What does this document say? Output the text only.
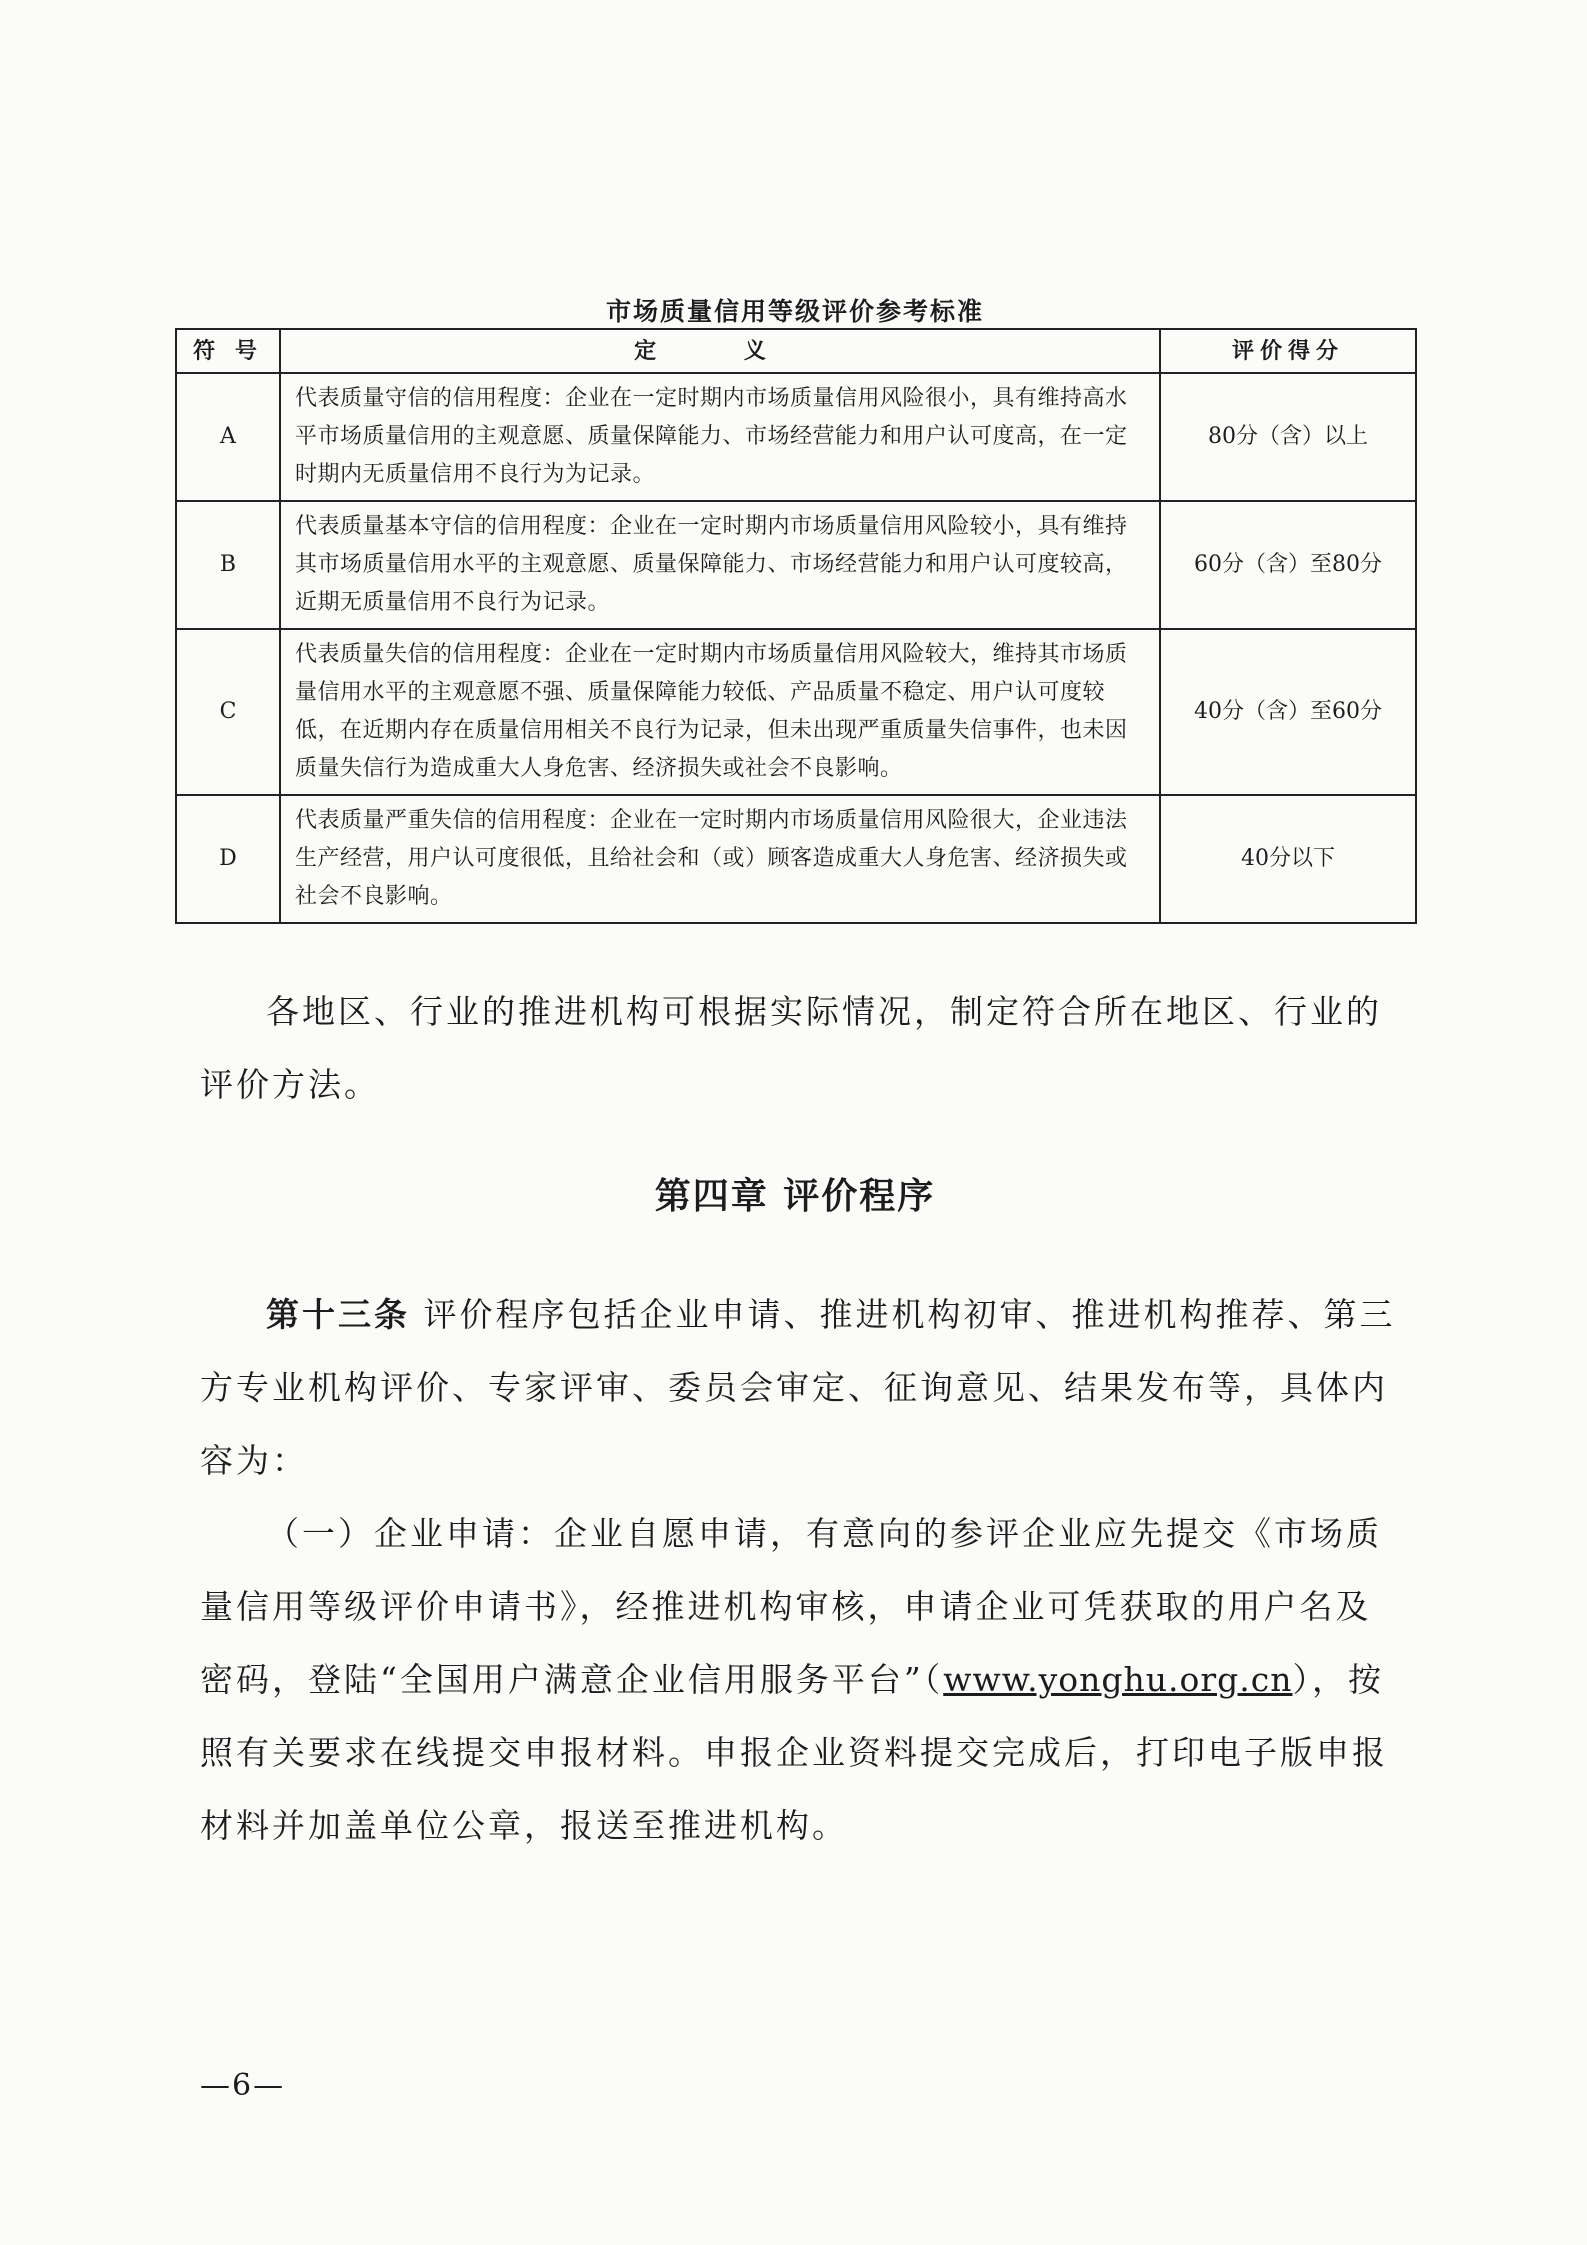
市场质量信用等级评价参考标准
符 号	定 义	评价得分
A	代表质量守信的信用程度：企业在一定时期内市场质量信用风险很小，具有维持高水平市场质量信用的主观意愿、质量保障能力、市场经营能力和用户认可度高，在一定时期内无质量信用不良行为为记录。	80分（含）以上
B	代表质量基本守信的信用程度：企业在一定时期内市场质量信用风险较小，具有维持其市场质量信用水平的主观意愿、质量保障能力、市场经营能力和用户认可度较高，近期无质量信用不良行为记录。	60分（含）至80分
C	代表质量失信的信用程度：企业在一定时期内市场质量信用风险较大，维持其市场质量信用水平的主观意愿不强、质量保障能力较低、产品质量不稳定、用户认可度较低，在近期内存在质量信用相关不良行为记录，但未出现严重质量失信事件，也未因质量失信行为造成重大人身危害、经济损失或社会不良影响。	40分（含）至60分
D	代表质量严重失信的信用程度：企业在一定时期内市场质量信用风险很大，企业违法生产经营，用户认可度很低，且给社会和（或）顾客造成重大人身危害、经济损失或社会不良影响。	40分以下
各地区、行业的推进机构可根据实际情况，制定符合所在地区、行业的评价方法。
第四章 评价程序
第十三条 评价程序包括企业申请、推进机构初审、推进机构推荐、第三方专业机构评价、专家评审、委员会审定、征询意见、结果发布等，具体内容为：
（一）企业申请：企业自愿申请，有意向的参评企业应先提交《市场质量信用等级评价申请书》，经推进机构审核，申请企业可凭获取的用户名及密码，登陆“全国用户满意企业信用服务平台”（www.yonghu.org.cn），按照有关要求在线提交申报材料。申报企业资料提交完成后，打印电子版申报材料并加盖单位公章，报送至推进机构。
—6—
